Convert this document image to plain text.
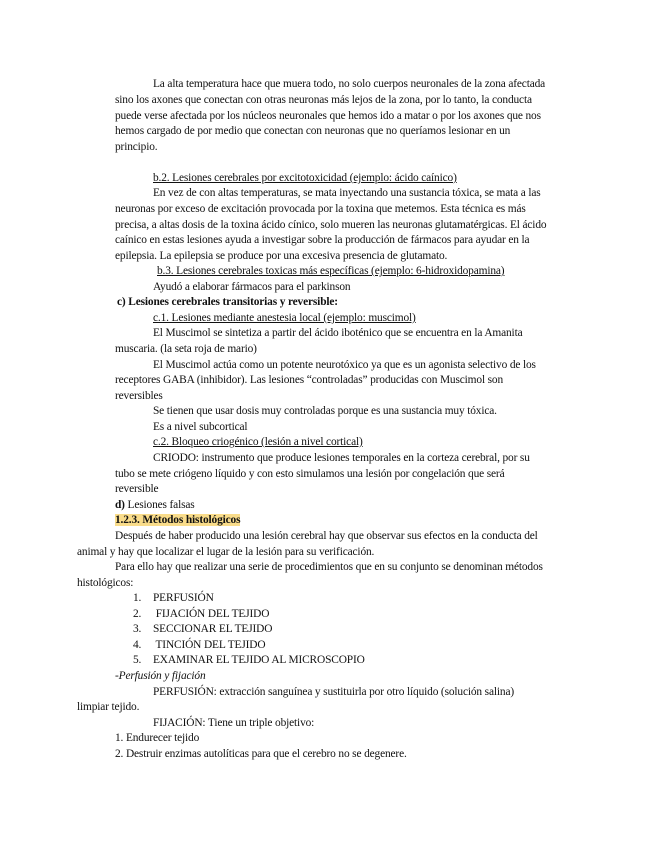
La alta temperatura hace que muera todo, no solo cuerpos neuronales de la zona afectada
sino los axones que conectan con otras neuronas más lejos de la zona, por lo tanto, la conducta
puede verse afectada por los núcleos neuronales que hemos ido a matar o por los axones que nos
hemos cargado de por medio que conectan con neuronas que no queríamos lesionar en un
principio.
b.2. Lesiones cerebrales por excitotoxicidad (ejemplo: ácido caínico)
En vez de con altas temperaturas, se mata inyectando una sustancia tóxica, se mata a las
neuronas por exceso de excitación provocada por la toxina que metemos. Esta técnica es más
precisa, a altas dosis de la toxina ácido cínico, solo mueren las neuronas glutamatérgicas. El ácido
caínico en estas lesiones ayuda a investigar sobre la producción de fármacos para ayudar en la
epilepsia. La epilepsia se produce por una excesiva presencia de glutamato.
b.3. Lesiones cerebrales toxicas más específicas (ejemplo: 6-hidroxidopamina)
Ayudó a elaborar fármacos para el parkinson
c) Lesiones cerebrales transitorias y reversible:
c.1. Lesiones mediante anestesia local (ejemplo: muscimol)
El Muscimol se sintetiza a partir del ácido iboténico que se encuentra en la Amanita
muscaria. (la seta roja de mario)
El Muscimol actúa como un potente neurotóxico ya que es un agonista selectivo de los
receptores GABA (inhibidor). Las lesiones “controladas” producidas con Muscimol son
reversibles
Se tienen que usar dosis muy controladas porque es una sustancia muy tóxica.
Es a nivel subcortical
c.2. Bloqueo criogénico (lesión a nivel cortical)
CRIODO: instrumento que produce lesiones temporales en la corteza cerebral, por su
tubo se mete criógeno líquido y con esto simulamos una lesión por congelación que será
reversible
d) Lesiones falsas
1.2.3. Métodos histológicos
Después de haber producido una lesión cerebral hay que observar sus efectos en la conducta del
animal y hay que localizar el lugar de la lesión para su verificación.
Para ello hay que realizar una serie de procedimientos que en su conjunto se denominan métodos
histológicos:
1. PERFUSIÓN
2. FIJACIÓN DEL TEJIDO
3. SECCIONAR EL TEJIDO
4. TINCIÓN DEL TEJIDO
5. EXAMINAR EL TEJIDO AL MICROSCOPIO
-Perfusión y fijación
PERFUSIÓN: extracción sanguínea y sustituirla por otro líquido (solución salina)
limpiar tejido.
FIJACIÓN: Tiene un triple objetivo:
1. Endurecer tejido
2. Destruir enzimas autolíticas para que el cerebro no se degenere.
